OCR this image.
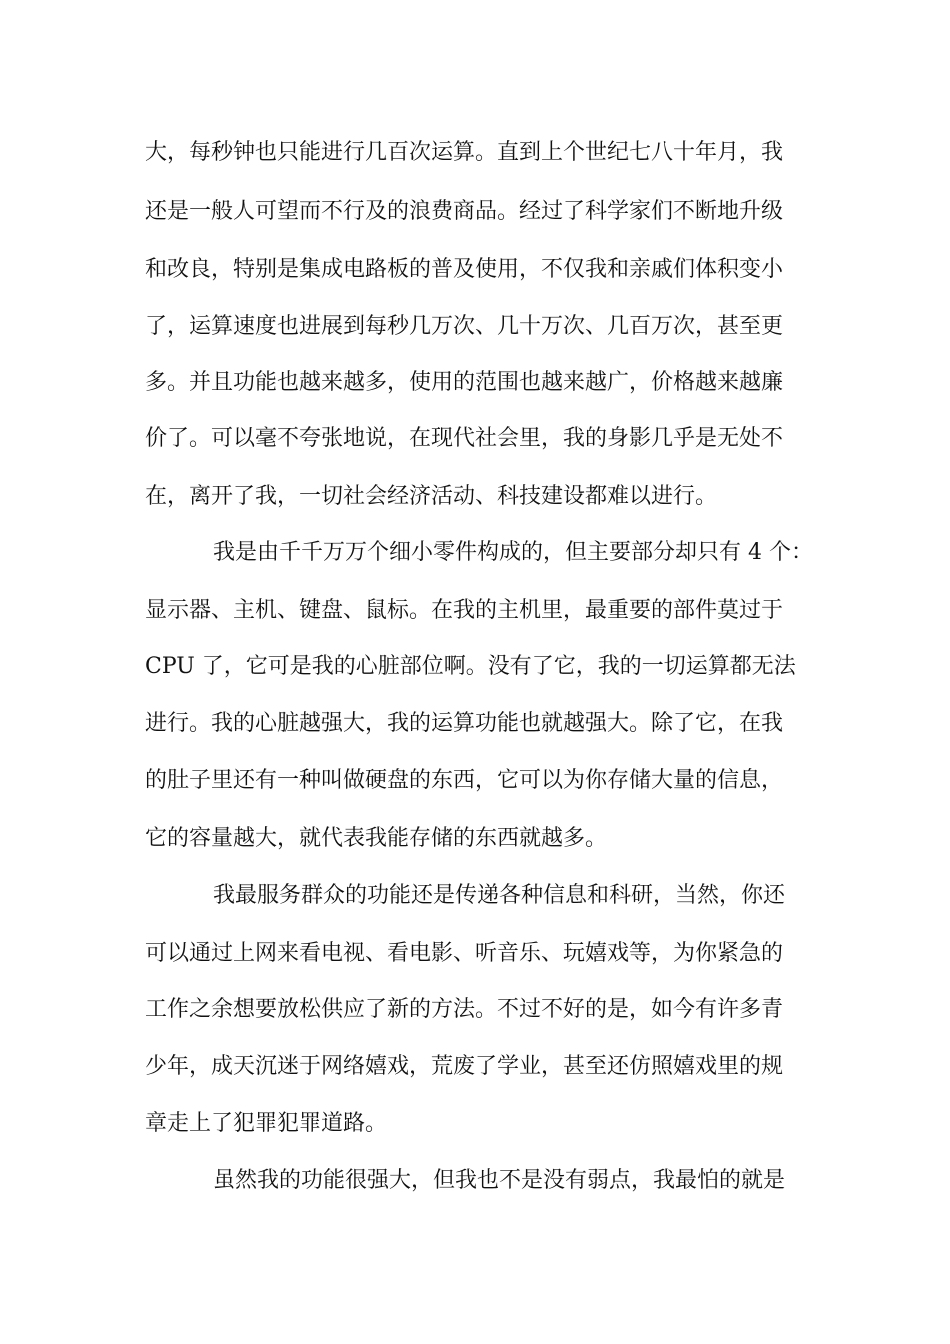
大，每秒钟也只能进行几百次运算。直到上个世纪七八十年月，我

还是一般人可望而不行及的浪费商品。经过了科学家们不断地升级

和改良，特别是集成电路板的普及使用，不仅我和亲戚们体积变小

了，运算速度也进展到每秒几万次、几十万次、几百万次，甚至更

多。并且功能也越来越多，使用的范围也越来越广，价格越来越廉

价了。可以毫不夸张地说，在现代社会里，我的身影几乎是无处不

在，离开了我，一切社会经济活动、科技建设都难以进行。

我是由千千万万个细小零件构成的，但主要部分却只有 4 个：

显示器、主机、键盘、鼠标。在我的主机里，最重要的部件莫过于

CPU 了，它可是我的心脏部位啊。没有了它，我的一切运算都无法

进行。我的心脏越强大，我的运算功能也就越强大。除了它，在我

的肚子里还有一种叫做硬盘的东西，它可以为你存储大量的信息，

它的容量越大，就代表我能存储的东西就越多。

我最服务群众的功能还是传递各种信息和科研，当然，你还

可以通过上网来看电视、看电影、听音乐、玩嬉戏等，为你紧急的

工作之余想要放松供应了新的方法。不过不好的是，如今有许多青

少年，成天沉迷于网络嬉戏，荒废了学业，甚至还仿照嬉戏里的规

章走上了犯罪犯罪道路。

虽然我的功能很强大，但我也不是没有弱点，我最怕的就是
